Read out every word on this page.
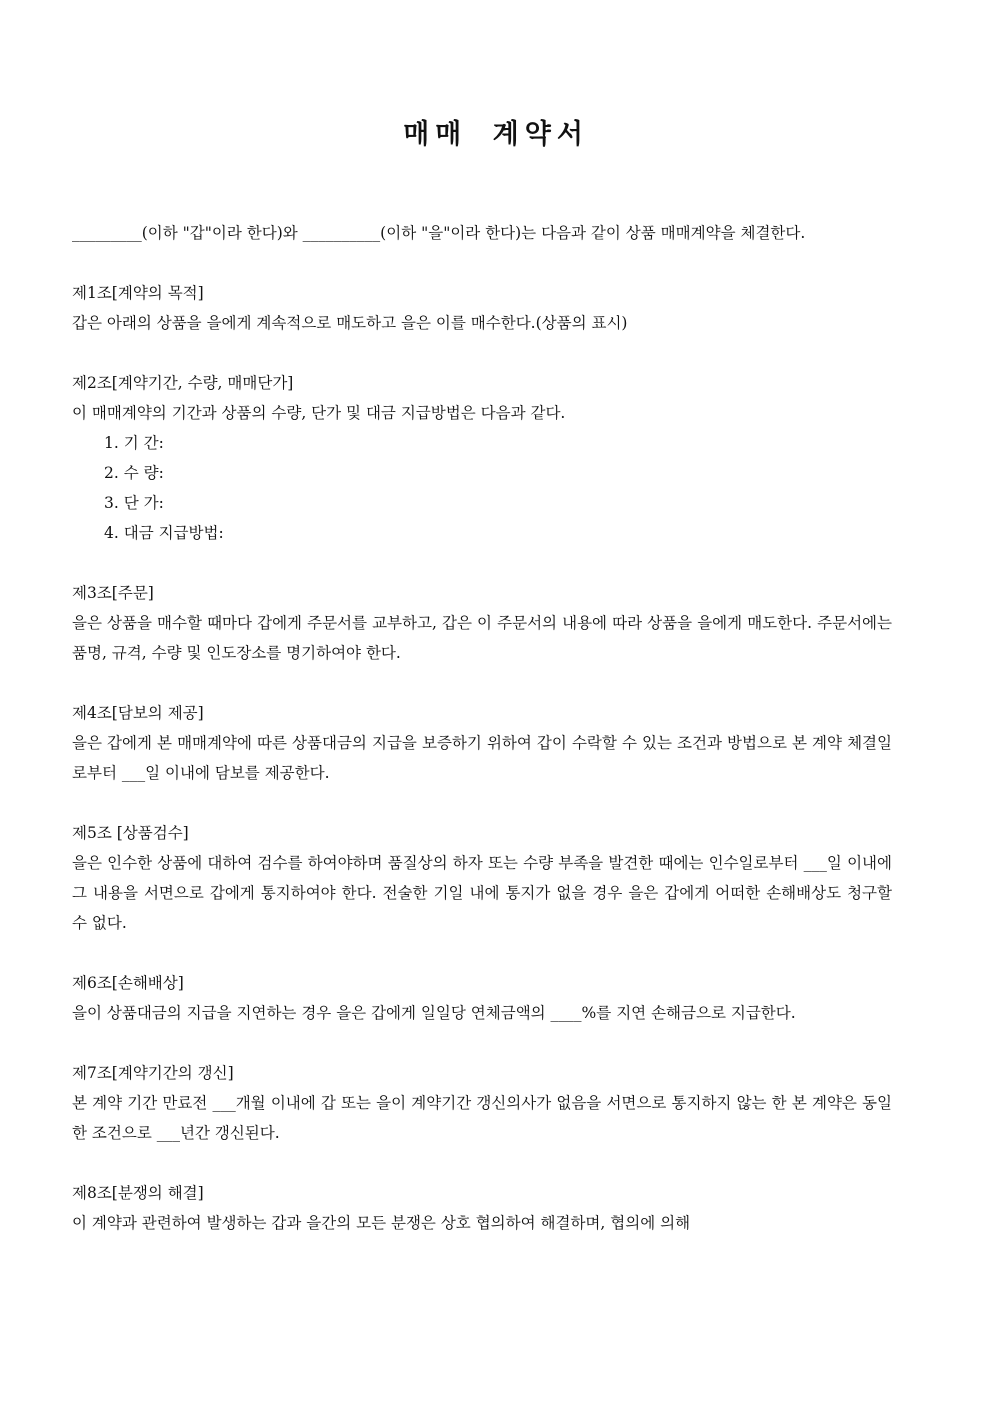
매매 계약서

_________(이하 "갑"이라 한다)와 __________(이하 "을"이라 한다)는 다음과 같이 상품 매매계약을 체결한다.

제1조[계약의 목적]

갑은 아래의 상품을 을에게 계속적으로 매도하고 을은 이를 매수한다.(상품의 표시)

제2조[계약기간, 수량, 매매단가]

이 매매계약의 기간과 상품의 수량, 단가 및 대금 지급방법은 다음과 같다.

1. 기 간:

2. 수 량:

3. 단 가:

4. 대금 지급방법:

제3조[주문]

을은 상품을 매수할 때마다 갑에게 주문서를 교부하고, 갑은 이 주문서의 내용에 따라 상품을 을에게 매도한다. 주문서에는 품명, 규격, 수량 및 인도장소를 명기하여야 한다.

제4조[담보의 제공]

을은 갑에게 본 매매계약에 따른 상품대금의 지급을 보증하기 위하여 갑이 수락할 수 있는 조건과 방법으로 본 계약 체결일로부터 ___일 이내에 담보를 제공한다.

제5조 [상품검수]

을은 인수한 상품에 대하여 검수를 하여야하며 품질상의 하자 또는 수량 부족을 발견한 때에는 인수일로부터 ___일 이내에 그 내용을 서면으로 갑에게 통지하여야 한다. 전술한 기일 내에 통지가 없을 경우 을은 갑에게 어떠한 손해배상도 청구할 수 없다.

제6조[손해배상]

을이 상품대금의 지급을 지연하는 경우 을은 갑에게 일일당 연체금액의 ____%를 지연 손해금으로 지급한다.

제7조[계약기간의 갱신]

본 계약 기간 만료전 ___개월 이내에 갑 또는 을이 계약기간 갱신의사가 없음을 서면으로 통지하지 않는 한 본 계약은 동일한 조건으로 ___년간 갱신된다.

제8조[분쟁의 해결]

이 계약과 관련하여 발생하는 갑과 을간의 모든 분쟁은 상호 협의하여 해결하며, 협의에 의해
